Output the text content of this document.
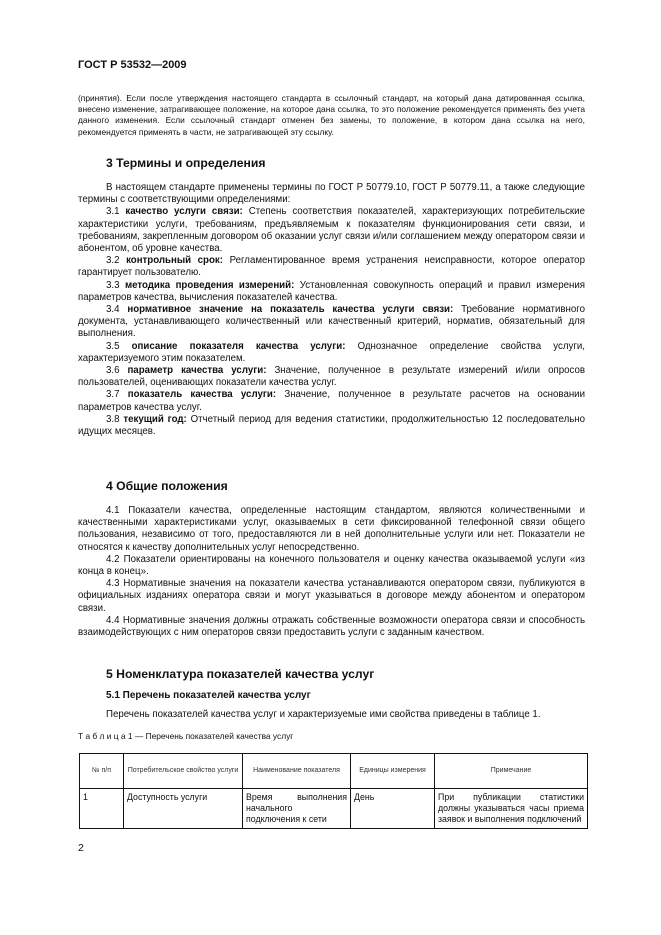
ГОСТ Р 53532—2009
(принятия). Если после утверждения настоящего стандарта в ссылочный стандарт, на который дана датированная ссылка, внесено изменение, затрагивающее положение, на которое дана ссылка, то это положение рекомендуется применять без учета данного изменения. Если ссылочный стандарт отменен без замены, то положение, в котором дана ссылка на него, рекомендуется применять в части, не затрагивающей эту ссылку.
3 Термины и определения

В настоящем стандарте применены термины по ГОСТ Р 50779.10, ГОСТ Р 50779.11, а также следующие термины с соответствующими определениями:

3.1 качество услуги связи: Степень соответствия показателей, характеризующих потребительские характеристики услуги, требованиям, предъявляемым к показателям функционирования сети связи, и требованиям, закрепленным договором об оказании услуг связи и/или соглашением между оператором связи и абонентом, об уровне качества.

3.2 контрольный срок: Регламентированное время устранения неисправности, которое оператор гарантирует пользователю.

3.3 методика проведения измерений: Установленная совокупность операций и правил измерения параметров качества, вычисления показателей качества.

3.4 нормативное значение на показатель качества услуги связи: Требование нормативного документа, устанавливающего количественный или качественный критерий, норматив, обязательный для выполнения.

3.5 описание показателя качества услуги: Однозначное определение свойства услуги, характеризуемого этим показателем.

3.6 параметр качества услуги: Значение, полученное в результате измерений и/или опросов пользователей, оценивающих показатели качества услуг.

3.7 показатель качества услуги: Значение, полученное в результате расчетов на основании параметров качества услуг.

3.8 текущий год: Отчетный период для ведения статистики, продолжительностью 12 последовательно идущих месяцев.

4 Общие положения

4.1 Показатели качества, определенные настоящим стандартом, являются количественными и качественными характеристиками услуг, оказываемых в сети фиксированной телефонной связи общего пользования, независимо от того, предоставляются ли в ней дополнительные услуги или нет. Показатели не относятся к качеству дополнительных услуг непосредственно.

4.2 Показатели ориентированы на конечного пользователя и оценку качества оказываемой услуги «из конца в конец».

4.3 Нормативные значения на показатели качества устанавливаются оператором связи, публикуются в официальных изданиях оператора связи и могут указываться в договоре между абонентом и оператором связи.

4.4 Нормативные значения должны отражать собственные возможности оператора связи и способность взаимодействующих с ним операторов связи предоставить услуги с заданным качеством.

5 Номенклатура показателей качества услуг
5.1 Перечень показателей качества услуг

Перечень показателей качества услуг и характеризуемые ими свойства приведены в таблице 1.

Т а б л и ц а 1 — Перечень показателей качества услуг
№ п/п	Потребительское свойство услуги	Наименование показателя	Единицы измерения	Примечание
1	Доступность услуги	Время выполнения начального подключения к сети	День	При публикации статистики должны указываться часы приема заявок и выполнения подключений
2
